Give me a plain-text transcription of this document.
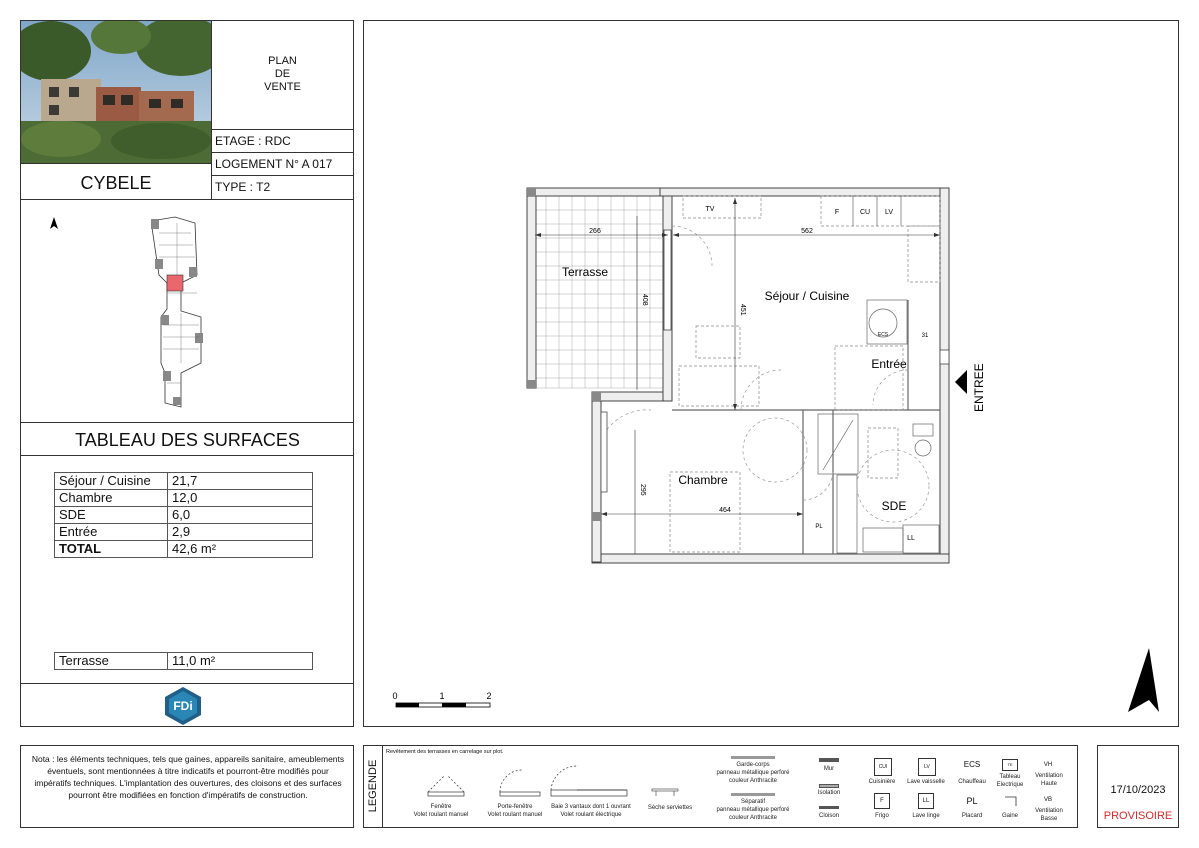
PLAN
DE
VENTE
ETAGE : RDC
LOGEMENT N° A 017
TYPE : T2
CYBELE
TABLEAU DES SURFACES
Séjour / Cuisine	21,7
Chambre	12,0
SDE	6,0
Entrée	2,9
TOTAL	42,6 m²
Terrasse	11,0 m²
FDi
266	562
408
451
295
464
31
Terrasse
Séjour / Cuisine
Entrée
Chambre
SDE
TV	F	CU LV
ECS
LL
PL
ENTREE
0	1	2
Nota : les éléments techniques, tels que gaines, appareils sanitaire, ameublements éventuels, sont mentionnées à titre indicatifs et pourront-être modifiés pour impératifs techniques. L'implantation des ouvertures, des cloisons et des surfaces pourront être modifiées en fonction d'impératifs de construction.	LEGENDE
Revêtement des terrasses en carrelage sur plot.
Fenêtre
Volet roulant manuel
Porte-fenêtre
Volet roulant manuel
Baie 3 vantaux dont 1 ouvrant
Volet roulant électrique
Sèche serviettes
Garde-corps
panneau métallique perforé
couleur Anthracite
Séparatif
panneau métallique perforé
couleur Anthracite
Mur
Isolation
Cloison
CUI
Cuisinière
LV
Lave vaisselle
ECS
Chauffeau
TE
Tableau
Electrique
VH
Ventilation
Haute
F
Frigo
LL
Lave linge
PL
Placard	Gaine
VB
Ventilation
Basse
17/10/2023
PROVISOIRE
